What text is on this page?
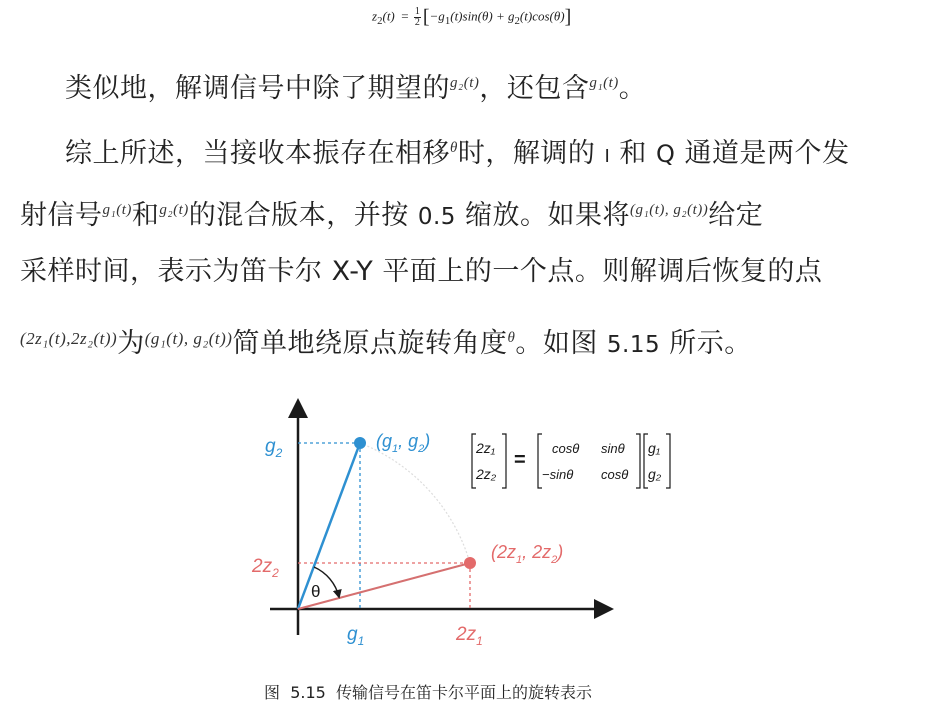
$z_2(t) = \frac{1}{2} [-g_1(t)\sin(\theta) + g_2(t)\cos(\theta)]$
类似地，解调信号中除了期望的$^{g_2(t)}$，还包含$^{g_1(t)}$。
综上所述，当接收本振存在相移$^\theta$时，解调的 I 和 Q 通道是两个发
射信号$^{g_1(t)}$和$^{g_2(t)}$的混合版本，并按 0.5 缩放。如果将$^{(g_1(t), g_2(t))}$给定
采样时间，表示为笛卡尔 X-Y 平面上的一个点。则解调后恢复的点
$^{(2z_1(t),2z_2(t))}$为$^{(g_1(t), g_2(t))}$简单地绕原点旋转角度$^\theta$。如图 5.15 所示。
$g_2$
$g_1$
$2z_2$
$2z_1$
($g_1$, $g_2$)
($2z_1$, $2z_2$)
θ
2z₁
2z₂
=
cosθ sinθ
−sinθ cosθ
g₁
g₂
图 5.15 传输信号在笛卡尔平面上的旋转表示
